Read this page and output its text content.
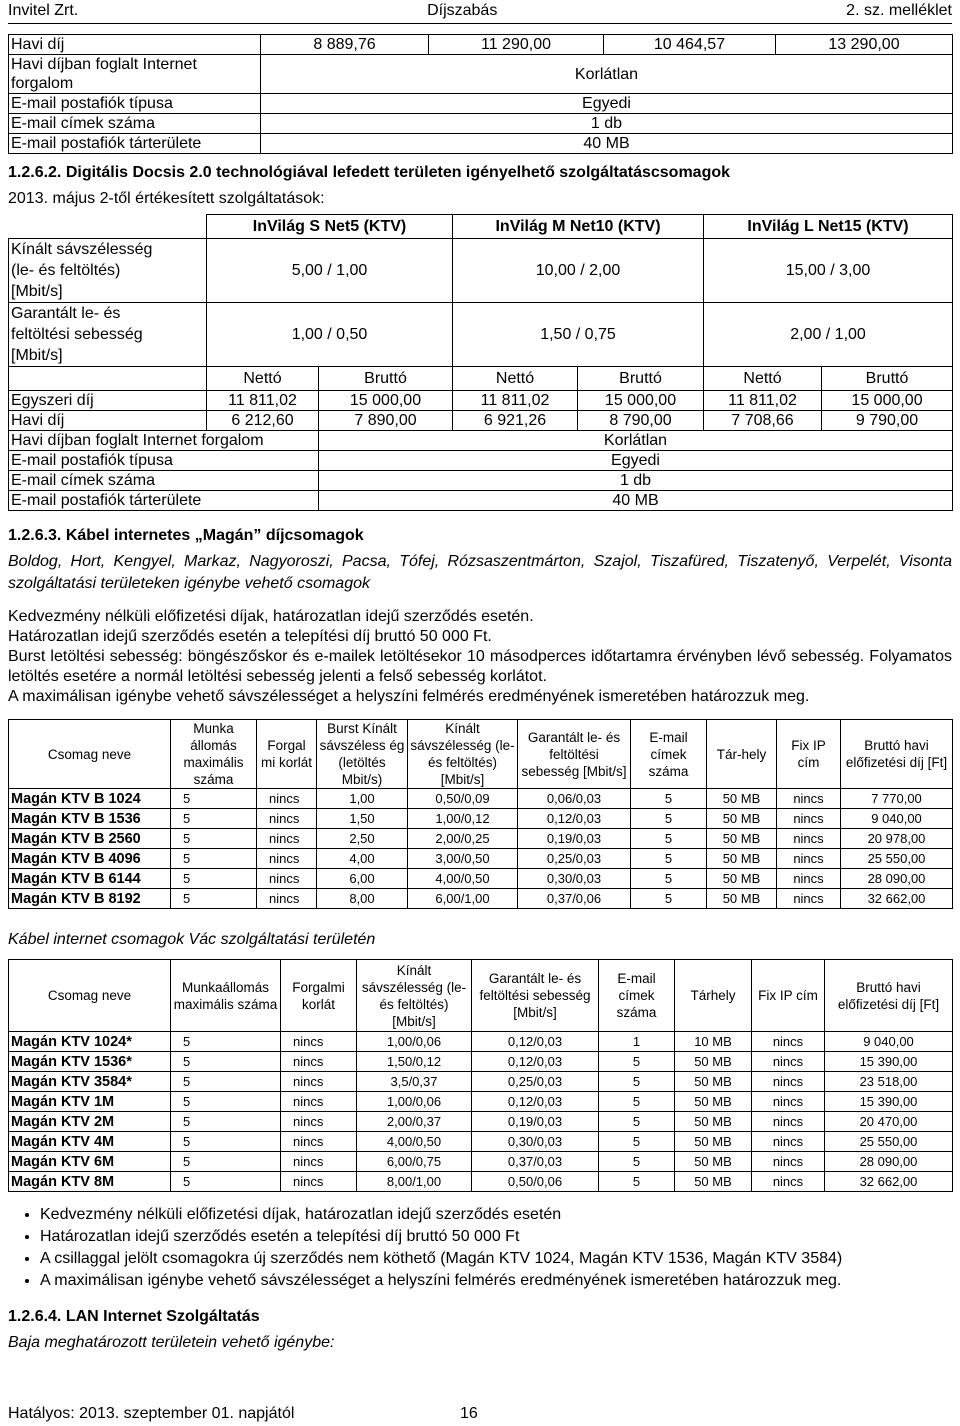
Invitel Zrt.	Díjszabás	2. sz. melléklet
Havi díj	8 889,76	11 290,00	10 464,57	13 290,00
Havi díjban foglalt Internet forgalom	Korlátlan			
E-mail postafiók típusa	Egyedi			
E-mail címek száma	1 db			
E-mail postafiók tárterülete	40 MB			
1.2.6.2. Digitális Docsis 2.0 technológiával lefedett területen igényelhető szolgáltatáscsomagok

2013. május 2-től értékesített szolgáltatások:

	InVilág S Net5 (KTV)		InVilág M Net10 (KTV)		InVilág L Net15 (KTV)	

Kínált sávszélesség
(le- és feltöltés)
[Mbit/s]	5,00 / 1,00		10,00 / 2,00		15,00 / 3,00	

Garantált le- és
feltöltési sebesség
[Mbit/s]	1,00 / 0,50		1,50 / 0,75		2,00 / 1,00	
	Nettó	Bruttó	Nettó	Bruttó	Nettó	Bruttó
Egyszeri díj	11 811,02	15 000,00	11 811,02	15 000,00	11 811,02	15 000,00
Havi díj	6 212,60	7 890,00	6 921,26	8 790,00	7 708,66	9 790,00
Havi díjban foglalt Internet forgalom		Korlátlan				
E-mail postafiók típusa		Egyedi				
E-mail címek száma		1 db				
E-mail postafiók tárterülete		40 MB				
1.2.6.3. Kábel internetes „Magán” díjcsomagok

Boldog, Hort, Kengyel, Markaz, Nagyoroszi, Pacsa, Tófej, Rózsaszentmárton, Szajol, Tiszafüred, Tiszatenyő, Verpelét, Visonta szolgáltatási területeken igénybe vehető csomagok

Kedvezmény nélküli előfizetési díjak, határozatlan idejű szerződés esetén.

Határozatlan idejű szerződés esetén a telepítési díj bruttó 50 000 Ft.

Burst letöltési sebesség: böngészőskor és e-mailek letöltésekor 10 másodperces időtartamra érvényben lévő sebesség. Folyamatos letöltés esetére a normál letöltési sebesség jelenti a felső sebesség korlátot.

A maximálisan igénybe vehető sávszélességet a helyszíni felmérés eredményének ismeretében határozzuk meg.

Csomag neve	Munka állomás maximális száma	Forgal mi korlát	Burst Kínált sávszéless ég (letöltés Mbit/s)	Kínált sávszélesség (le- és feltöltés) [Mbit/s]	Garantált le- és feltöltési sebesség [Mbit/s]	E-mail címek száma	Tár-hely	Fix IP cím	Bruttó havi előfizetési díj [Ft]
Magán KTV B 1024	5	nincs	1,00	0,50/0,09	0,06/0,03	5	50 MB	nincs	7 770,00
Magán KTV B 1536	5	nincs	1,50	1,00/0,12	0,12/0,03	5	50 MB	nincs	9 040,00
Magán KTV B 2560	5	nincs	2,50	2,00/0,25	0,19/0,03	5	50 MB	nincs	20 978,00
Magán KTV B 4096	5	nincs	4,00	3,00/0,50	0,25/0,03	5	50 MB	nincs	25 550,00
Magán KTV B 6144	5	nincs	6,00	4,00/0,50	0,30/0,03	5	50 MB	nincs	28 090,00
Magán KTV B 8192	5	nincs	8,00	6,00/1,00	0,37/0,06	5	50 MB	nincs	32 662,00

Kábel internet csomagok Vác szolgáltatási területén

Csomag neve	Munkaállomás maximális száma	Forgalmi korlát	Kínált sávszélesség (le- és feltöltés) [Mbit/s]	Garantált le- és feltöltési sebesség [Mbit/s]	E-mail címek száma	Tárhely	Fix IP cím	Bruttó havi előfizetési díj [Ft]
Magán KTV 1024*	5	nincs	1,00/0,06	0,12/0,03	1	10 MB	nincs	9 040,00
Magán KTV 1536*	5	nincs	1,50/0,12	0,12/0,03	5	50 MB	nincs	15 390,00
Magán KTV 3584*	5	nincs	3,5/0,37	0,25/0,03	5	50 MB	nincs	23 518,00
Magán KTV 1M	5	nincs	1,00/0,06	0,12/0,03	5	50 MB	nincs	15 390,00
Magán KTV 2M	5	nincs	2,00/0,37	0,19/0,03	5	50 MB	nincs	20 470,00
Magán KTV 4M	5	nincs	4,00/0,50	0,30/0,03	5	50 MB	nincs	25 550,00
Magán KTV 6M	5	nincs	6,00/0,75	0,37/0,03	5	50 MB	nincs	28 090,00
Magán KTV 8M	5	nincs	8,00/1,00	0,50/0,06	5	50 MB	nincs	32 662,00
• Kedvezmény nélküli előfizetési díjak, határozatlan idejű szerződés esetén
• Határozatlan idejű szerződés esetén a telepítési díj bruttó 50 000 Ft
• A csillaggal jelölt csomagokra új szerződés nem köthető (Magán KTV 1024, Magán KTV 1536, Magán KTV 3584)
• A maximálisan igénybe vehető sávszélességet a helyszíni felmérés eredményének ismeretében határozzuk meg.
1.2.6.4. LAN Internet Szolgáltatás

Baja meghatározott területein vehető igénybe:

Hatályos: 2013. szeptember 01. napjától	16
